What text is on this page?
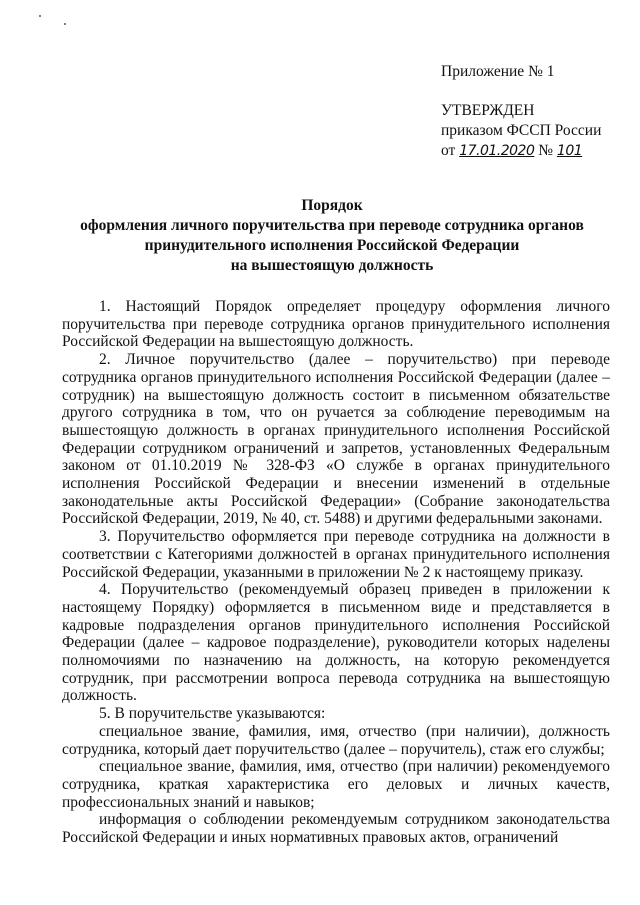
Приложение № 1
УТВЕРЖДЕН
приказом ФССП России
от 17.01.2020 № 101
Порядок
оформления личного поручительства при переводе сотрудника органов
принудительного исполнения Российской Федерации
на вышестоящую должность

1. Настоящий Порядок определяет процедуру оформления личного поручительства при переводе сотрудника органов принудительного исполнения Российской Федерации на вышестоящую должность.

2. Личное поручительство (далее – поручительство) при переводе сотрудника органов принудительного исполнения Российской Федерации (далее – сотрудник) на вышестоящую должность состоит в письменном обязательстве другого сотрудника в том, что он ручается за соблюдение переводимым на вышестоящую должность в органах принудительного исполнения Российской Федерации сотрудником ограничений и запретов, установленных Федеральным законом от 01.10.2019 № 328-ФЗ «О службе в органах принудительного исполнения Российской Федерации и внесении изменений в отдельные законодательные акты Российской Федерации» (Собрание законодательства Российской Федерации, 2019, № 40, ст. 5488) и другими федеральными законами.

3. Поручительство оформляется при переводе сотрудника на должности в соответствии с Категориями должностей в органах принудительного исполнения Российской Федерации, указанными в приложении № 2 к настоящему приказу.

4. Поручительство (рекомендуемый образец приведен в приложении к настоящему Порядку) оформляется в письменном виде и представляется в кадровые подразделения органов принудительного исполнения Российской Федерации (далее – кадровое подразделение), руководители которых наделены полномочиями по назначению на должность, на которую рекомендуется сотрудник, при рассмотрении вопроса перевода сотрудника на вышестоящую должность.

5. В поручительстве указываются:

специальное звание, фамилия, имя, отчество (при наличии), должность сотрудника, который дает поручительство (далее – поручитель), стаж его службы;

специальное звание, фамилия, имя, отчество (при наличии) рекомендуемого сотрудника, краткая характеристика его деловых и личных качеств, профессиональных знаний и навыков;

информация о соблюдении рекомендуемым сотрудником законодательства Российской Федерации и иных нормативных правовых актов, ограничений
